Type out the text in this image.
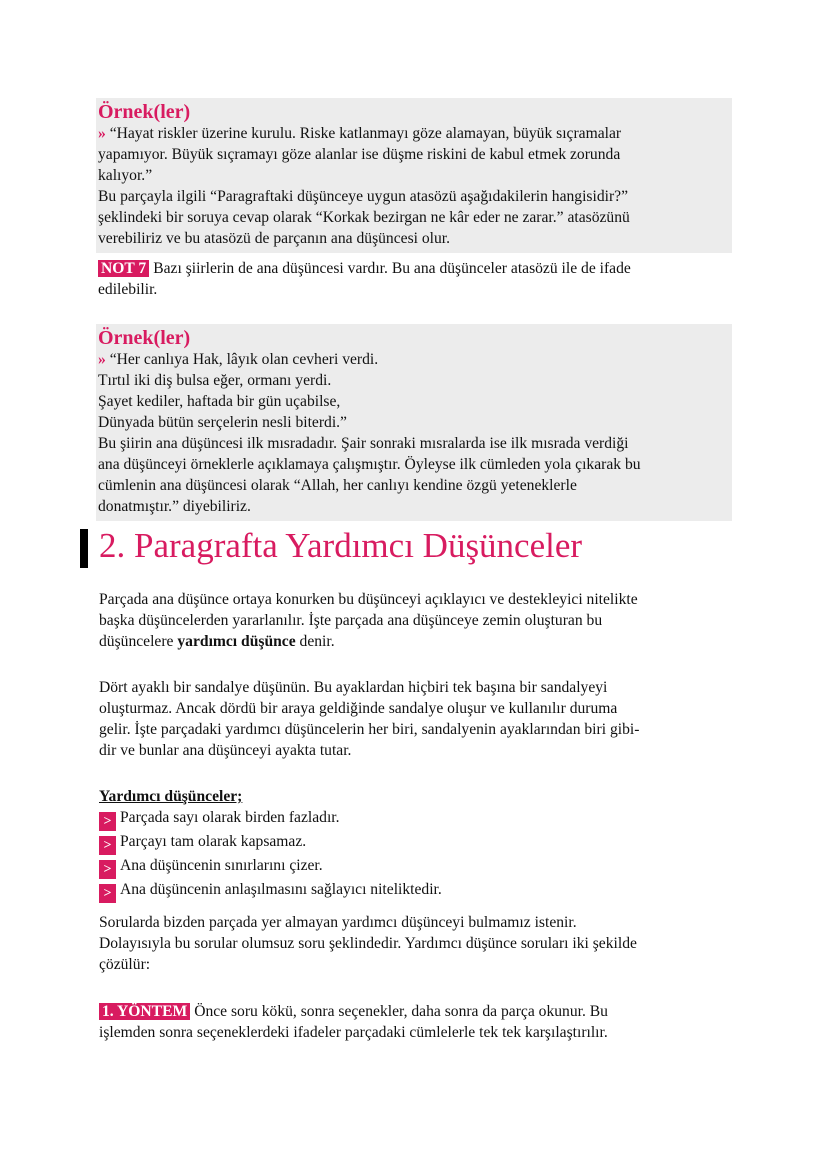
Örnek(ler)
» “Hayat riskler üzerine kurulu. Riske katlanmayı göze alamayan, büyük sıçramalar
yapamıyor. Büyük sıçramayı göze alanlar ise düşme riskini de kabul etmek zorunda
kalıyor.”
Bu parçayla ilgili “Paragraftaki düşünceye uygun atasözü aşağıdakilerin hangisidir?”
şeklindeki bir soruya cevap olarak “Korkak bezirgan ne kâr eder ne zarar.” atasözünü
verebiliriz ve bu atasözü de parçanın ana düşüncesi olur.
NOT 7 Bazı şiirlerin de ana düşüncesi vardır. Bu ana düşünceler atasözü ile de ifade
edilebilir.
Örnek(ler)
» “Her canlıya Hak, lâyık olan cevheri verdi.
Tırtıl iki diş bulsa eğer, ormanı yerdi.
Şayet kediler, haftada bir gün uçabilse,
Dünyada bütün serçelerin nesli biterdi.”
Bu şiirin ana düşüncesi ilk mısradadır. Şair sonraki mısralarda ise ilk mısrada verdiği
ana düşünceyi örneklerle açıklamaya çalışmıştır. Öyleyse ilk cümleden yola çıkarak bu
cümlenin ana düşüncesi olarak “Allah, her canlıyı kendine özgü yeteneklerle
donatmıştır.” diyebiliriz.
2. Paragrafta Yardımcı Düşünceler
Parçada ana düşünce ortaya konurken bu düşünceyi açıklayıcı ve destekleyici nitelikte
başka düşüncelerden yararlanılır. İşte parçada ana düşünceye zemin oluşturan bu
düşüncelere yardımcı düşünce denir.
Dört ayaklı bir sandalye düşünün. Bu ayaklardan hiçbiri tek başına bir sandalyeyi
oluşturmaz. Ancak dördü bir araya geldiğinde sandalye oluşur ve kullanılır duruma
gelir. İşte parçadaki yardımcı düşüncelerin her biri, sandalyenin ayaklarından biri gibi-
dir ve bunlar ana düşünceyi ayakta tutar.
Yardımcı düşünceler;
> Parçada sayı olarak birden fazladır.
> Parçayı tam olarak kapsamaz.
> Ana düşüncenin sınırlarını çizer.
> Ana düşüncenin anlaşılmasını sağlayıcı niteliktedir.
Sorularda bizden parçada yer almayan yardımcı düşünceyi bulmamız istenir.
Dolayısıyla bu sorular olumsuz soru şeklindedir. Yardımcı düşünce soruları iki şekilde
çözülür:
1. YÖNTEM Önce soru kökü, sonra seçenekler, daha sonra da parça okunur. Bu
işlemden sonra seçeneklerdeki ifadeler parçadaki cümlelerle tek tek karşılaştırılır.
